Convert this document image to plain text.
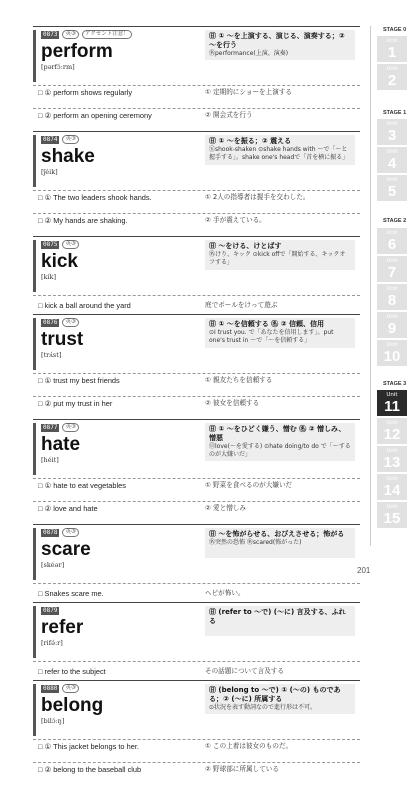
0873	英③	アクセント注意！
perform
[pərfɔ́ːrm]
㊐ ① 〜を上演する、演じる、演奏する；② 〜を行う
㊔performance(上演、演奏)
□ ① perform shows regularly	① 定期的にショーを上演する
□ ② perform an opening ceremony	② 開会式を行う
0874	英③
shake
[ʃéik]
㊐ ① 〜を振る；② 震える
㊄shook-shaken ⊙shake hands with 〜で「〜と握手する」。shake one's headで「首を横に振る」
□ ① The two leaders shook hands.	① 2人の指導者は握手を交わした。
□ ② My hands are shaking.	② 手が震えている。
0875	英③
kick
[kík]
㊐ 〜をける、けとばす
㊔けり、キック ⊙kick offで「開始する、キックオフする」
□ kick a ball around the yard	庭でボールをけって遊ぶ
0876	英③
trust
[trʌ́st]
㊐ ① 〜を信頼する ㊔ ② 信頼、信用
⊙I trust you. で「あなたを信用します」。put one's trust in 〜で「〜を信頼する」
□ ① trust my best friends	① 親友たちを信頼する
□ ② put my trust in her	② 彼女を信頼する
0877	英③
hate
[héit]
㊐ ① 〜をひどく嫌う、憎む ㊔ ② 憎しみ、憎悪
㊐love(〜を愛する) ⊙hate doing/to do で「〜するのが大嫌いだ」
□ ① hate to eat vegetables	① 野菜を食べるのが大嫌いだ
□ ② love and hate	② 愛と憎しみ
0878	英③
scare
[skéər]
㊐ 〜を怖がらせる、おびえさせる；怖がる
㊔突然の恐怖 ㊔scared(怖がった)
□ Snakes scare me.	ヘビが怖い。
0879
refer
[rifə́ːr]
㊐ (refer to 〜で) (〜に) 言及する、ふれる
□ refer to the subject	その話題について言及する
0880	英③
belong
[bilɔ́ːŋ]
㊐ (belong to 〜で) ① (〜の) ものである；② (〜に) 所属する
⊙状況を表す動詞なので進行形は不可。
□ ① This jacket belongs to her.	① この上着は彼女のものだ。
□ ② belong to the baseball club	② 野球部に所属している
STAGE 0
STAGE 1
STAGE 2
STAGE 3
Unit
1
Unit
2
Unit
3
Unit
4
Unit
5
Unit
6
Unit
7
Unit
8
Unit
9
Unit
10
Unit
11
Unit
12
Unit
13
Unit
14
Unit
15
201
